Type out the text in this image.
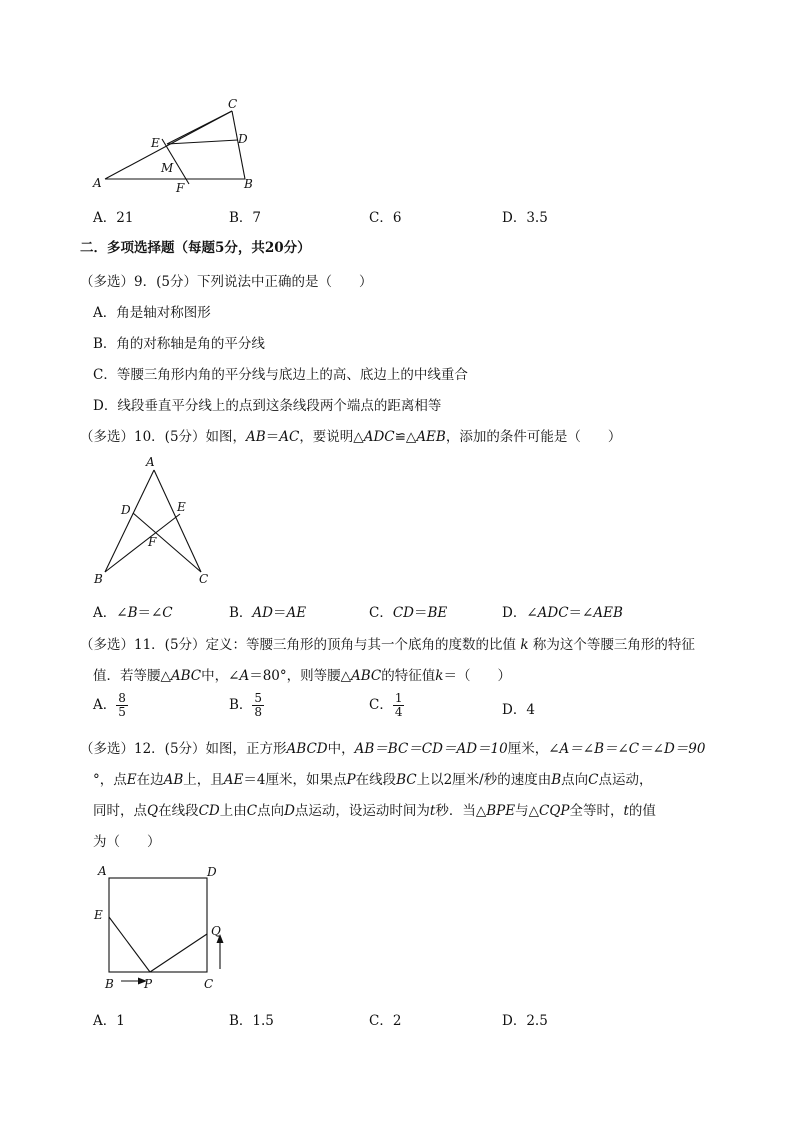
A	B
C
D
E
F
M
A．21	B．7	C．6	D．3.5
二．多项选择题（每题5分，共20分）
（多选）9．(5分）下列说法中正确的是（　　）
A．角是轴对称图形
B．角的对称轴是角的平分线
C．等腰三角形内角的平分线与底边上的高、底边上的中线重合
D．线段垂直平分线上的点到这条线段两个端点的距离相等
（多选）10．(5分）如图，AB＝AC，要说明△ADC≌△AEB，添加的条件可能是（　　）
A
B	C
D	E
F
A．∠B＝∠C	B．AD＝AE	C．CD＝BE	D．∠ADC＝∠AEB
（多选）11．(5分）定义：等腰三角形的顶角与其一个底角的度数的比值 k 称为这个等腰三角形的特征
值．若等腰△ABC中，∠A＝80°，则等腰△ABC的特征值k＝（　　）
A． $\frac{8}{5}$	B． $\frac{5}{8}$	C． $\frac{1}{4}$	D．4
（多选）12．(5分）如图，正方形ABCD中，AB＝BC＝CD＝AD＝10厘米，∠A＝∠B＝∠C＝∠D＝90
°，点E在边AB上，且AE＝4厘米，如果点P在线段BC上以2厘米/秒的速度由B点向C点运动，
同时，点Q在线段CD上由C点向D点运动，设运动时间为t秒．当△BPE与△CQP全等时，t的值
为（　　）
A	D
E
Q
B	P	C
A．1	B．1.5	C．2	D．2.5
